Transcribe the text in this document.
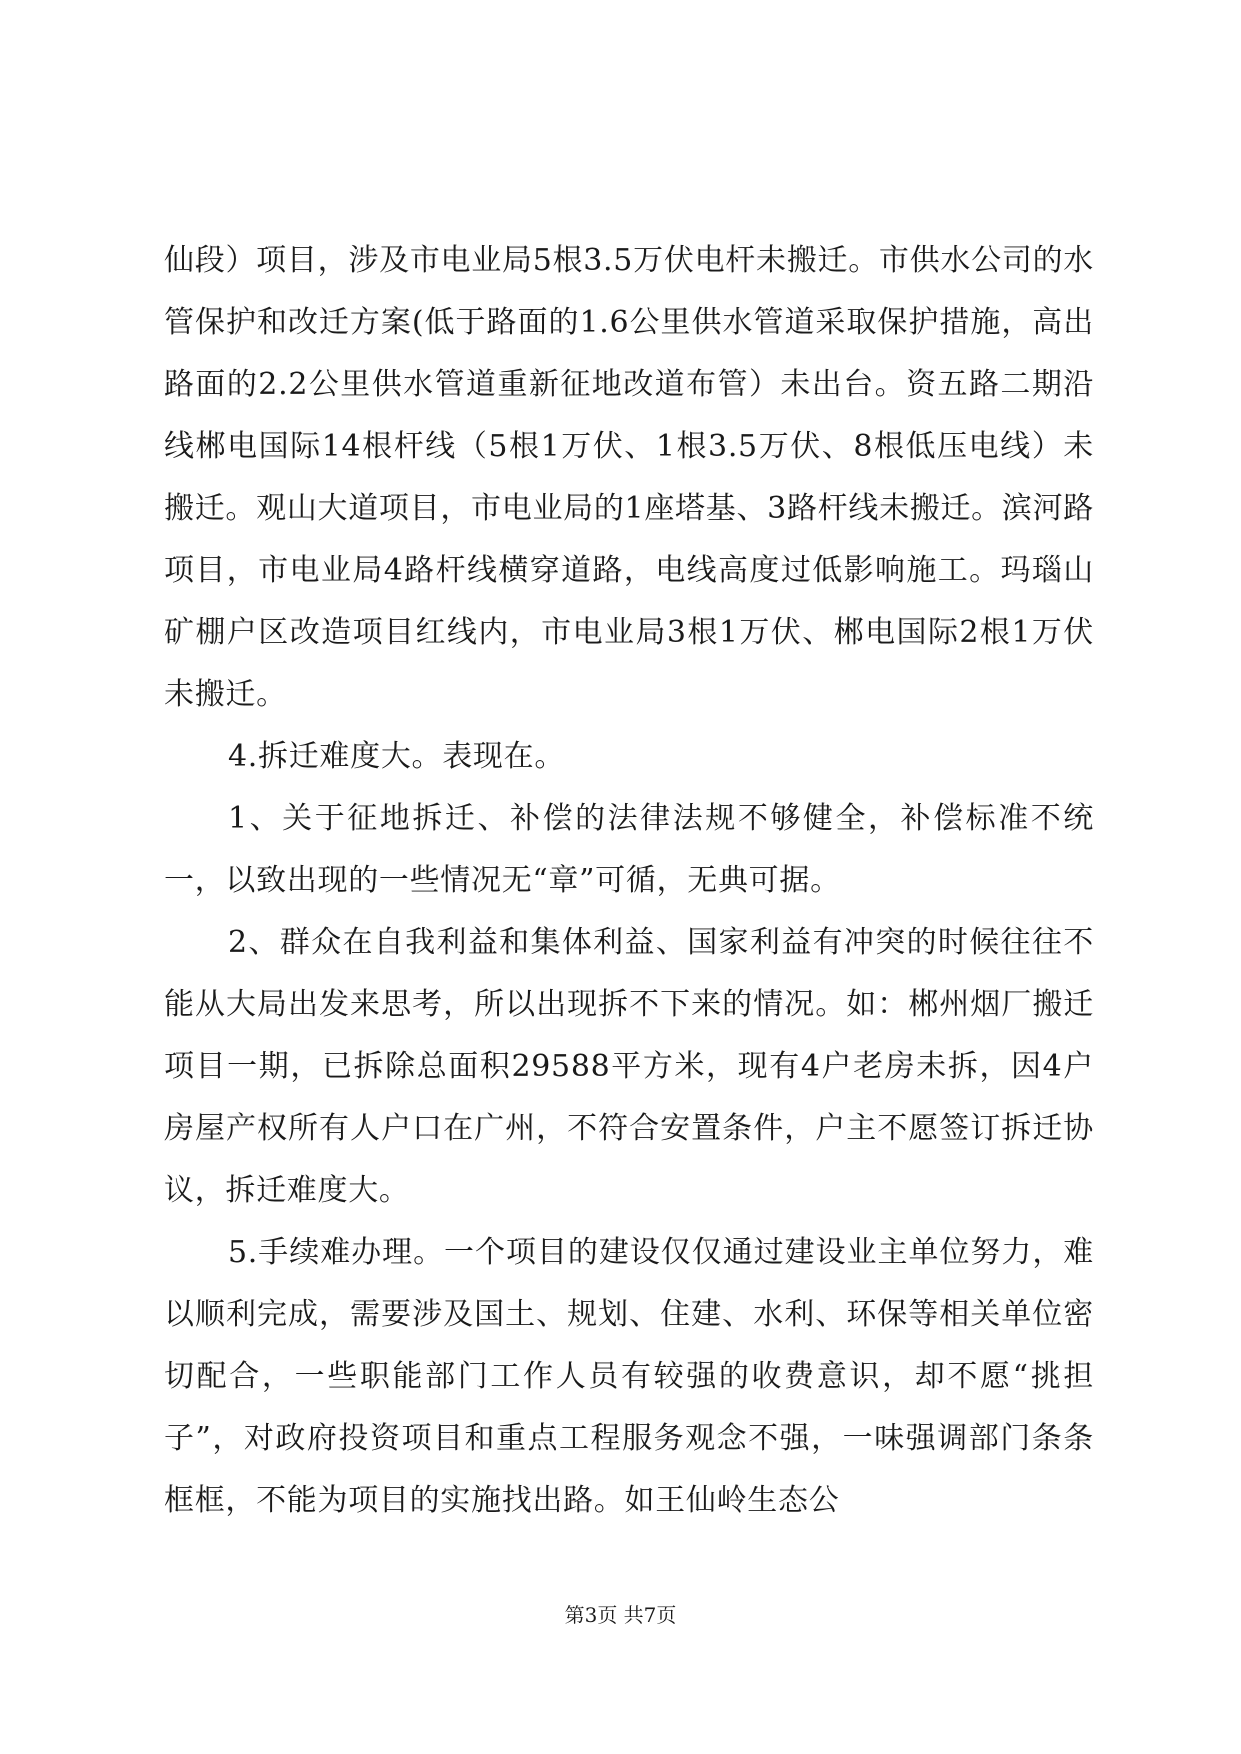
仙段）项目，涉及市电业局5根3.5万伏电杆未搬迁。市供水公司的水管保护和改迁方案(低于路面的1.6公里供水管道采取保护措施，高出路面的2.2公里供水管道重新征地改道布管）未出台。资五路二期沿线郴电国际14根杆线（5根1万伏、1根3.5万伏、8根低压电线）未搬迁。观山大道项目，市电业局的1座塔基、3路杆线未搬迁。滨河路项目，市电业局4路杆线横穿道路，电线高度过低影响施工。玛瑙山矿棚户区改造项目红线内，市电业局3根1万伏、郴电国际2根1万伏未搬迁。

4.拆迁难度大。表现在。

1、关于征地拆迁、补偿的法律法规不够健全，补偿标准不统一，以致出现的一些情况无“章”可循，无典可据。

2、群众在自我利益和集体利益、国家利益有冲突的时候往往不能从大局出发来思考，所以出现拆不下来的情况。如：郴州烟厂搬迁项目一期，已拆除总面积29588平方米，现有4户老房未拆，因4户房屋产权所有人户口在广州，不符合安置条件，户主不愿签订拆迁协议，拆迁难度大。

5.手续难办理。一个项目的建设仅仅通过建设业主单位努力，难以顺利完成，需要涉及国土、规划、住建、水利、环保等相关单位密切配合，一些职能部门工作人员有较强的收费意识，却不愿“挑担子”，对政府投资项目和重点工程服务观念不强，一味强调部门条条框框，不能为项目的实施找出路。如王仙岭生态公

第3页 共7页
